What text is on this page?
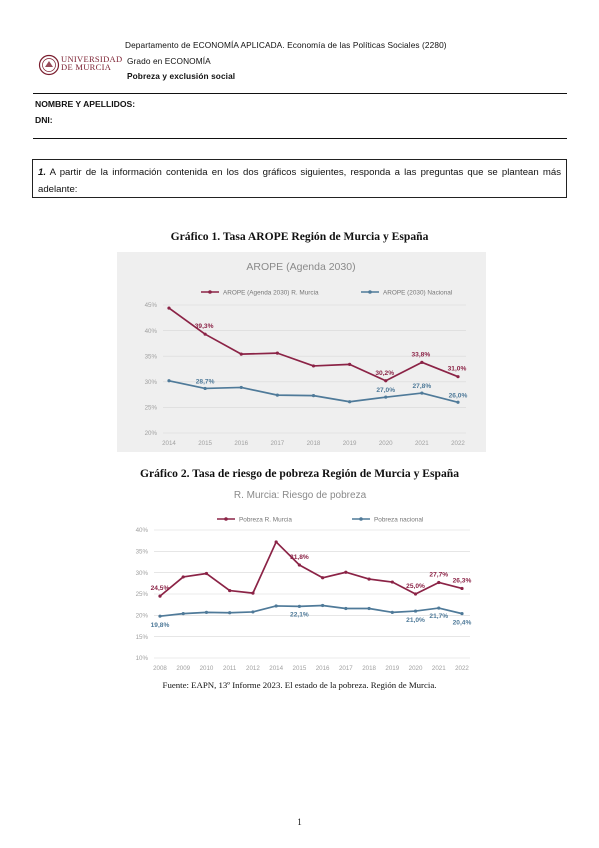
UNIVERSIDAD
DE MURCIA
Departamento de ECONOMÍA APLICADA. Economía de las Políticas Sociales (2280)
Grado en ECONOMÍA
Pobreza y exclusión social
NOMBRE Y APELLIDOS:
DNI:
1. A partir de la información contenida en los dos gráficos siguientes, responda a las preguntas que se plantean más adelante:
Gráfico 1. Tasa AROPE Región de Murcia y España
AROPE (Agenda 2030)
AROPE (Agenda 2030) R. Murcia	AROPE (2030) Nacional
20%
25%
30%
35%
40%
45%
2014	2015	2016	2017	2018	2019	2020	2021	2022
39,3%
30,2%
33,8%
31,0%
28,7%
27,0%
27,8%
26,0%
Gráfico 2. Tasa de riesgo de pobreza Región de Murcia y España
R. Murcia: Riesgo de pobreza
Pobreza R. Murcia	Pobreza nacional
10%
15%
20%
25%
30%
35%
40%
2008 2009 2010 2011 2012 2014 2015 2016 2017 2018 2019 2020 2021 2022
24,5%
31,8%
25,0%
27,7%
26,3%
19,8%
22,1%
21,0%
21,7%
20,4%
Fuente: EAPN, 13º Informe 2023. El estado de la pobreza. Región de Murcia.
1
